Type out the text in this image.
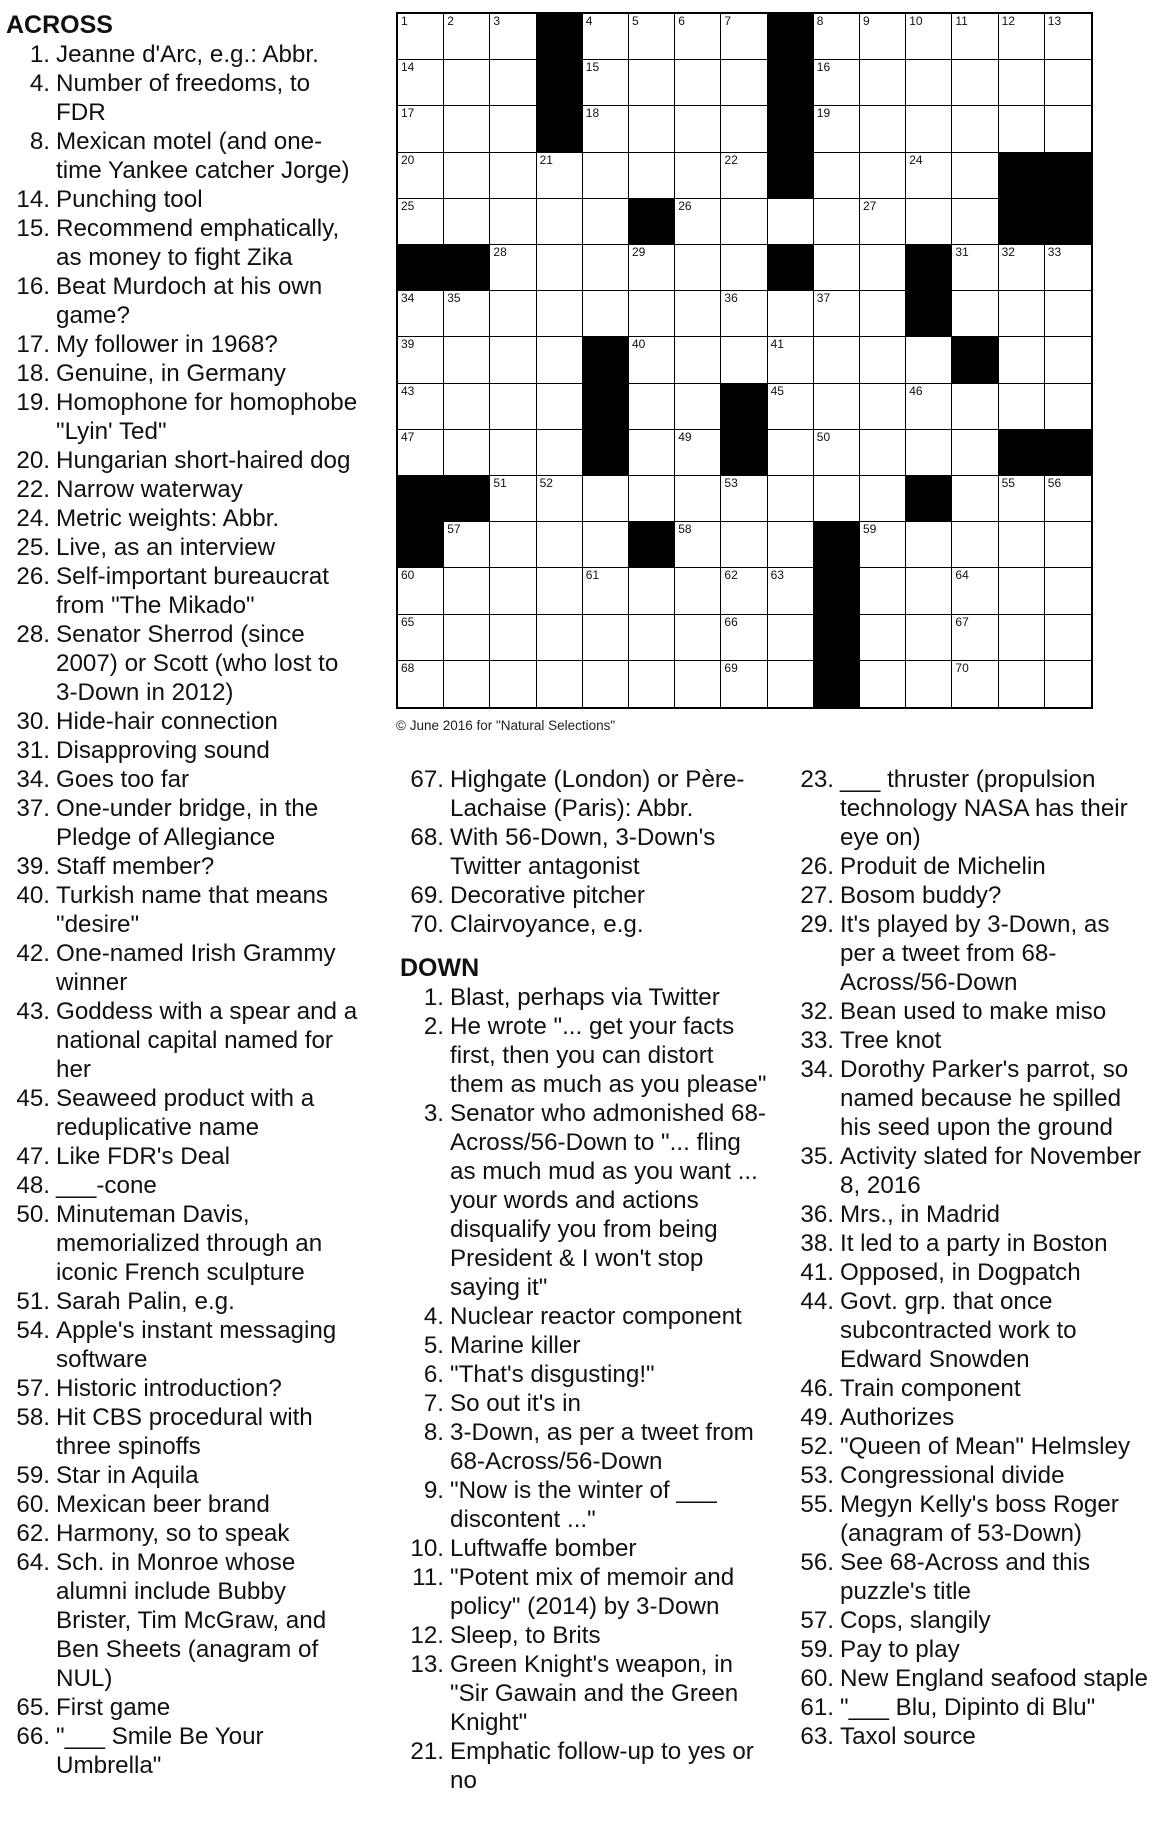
ACROSS

1. Jeanne d'Arc, e.g.: Abbr.

4. Number of freedoms, to FDR

8. Mexican motel (and one-time Yankee catcher Jorge)

14. Punching tool

15. Recommend emphatically, as money to fight Zika

16. Beat Murdoch at his own game?

17. My follower in 1968?

18. Genuine, in Germany

19. Homophone for homophobe "Lyin' Ted"

20. Hungarian short-haired dog

22. Narrow waterway

24. Metric weights: Abbr.

25. Live, as an interview

26. Self-important bureaucrat from "The Mikado"

28. Senator Sherrod (since 2007) or Scott (who lost to 3-Down in 2012)

30. Hide-hair connection

31. Disapproving sound

34. Goes too far

37. One-under bridge, in the Pledge of Allegiance

39. Staff member?

40. Turkish name that means "desire"

42. One-named Irish Grammy winner

43. Goddess with a spear and a national capital named for her

45. Seaweed product with a reduplicative name

47. Like FDR's Deal

48. ___-cone

50. Minuteman Davis, memorialized through an iconic French sculpture

51. Sarah Palin, e.g.

54. Apple's instant messaging software

57. Historic introduction?

58. Hit CBS procedural with three spinoffs

59. Star in Aquila

60. Mexican beer brand

62. Harmony, so to speak

64. Sch. in Monroe whose alumni include Bubby Brister, Tim McGraw, and Ben Sheets (anagram of NUL)

65. First game

66. "___ Smile Be Your Umbrella"

1	2	3	4	5	6	7	8	9	10	11	12	13
14	15	16
17	18	19
20	21	22	24
25	26	27
28	29	31	32	33
34	35	36	37
39	40	41
43	45	46
47	49	50
51	52	53	55	56
57	58	59
60	61	62	63	64
65	66	67
68	69	70
© June 2016 for "Natural Selections"

67. Highgate (London) or Père-Lachaise (Paris): Abbr.

68. With 56-Down, 3-Down's Twitter antagonist

69. Decorative pitcher

70. Clairvoyance, e.g.

DOWN

1. Blast, perhaps via Twitter

2. He wrote "... get your facts first, then you can distort them as much as you please"

3. Senator who admonished 68-Across/56-Down to "... fling as much mud as you want ... your words and actions disqualify you from being President & I won't stop saying it"

4. Nuclear reactor component

5. Marine killer

6. "That's disgusting!"

7. So out it's in

8. 3-Down, as per a tweet from 68-Across/56-Down

9. "Now is the winter of ___ discontent ..."

10. Luftwaffe bomber

11. "Potent mix of memoir and policy" (2014) by 3-Down

12. Sleep, to Brits

13. Green Knight's weapon, in "Sir Gawain and the Green Knight"

21. Emphatic follow-up to yes or no

23. ___ thruster (propulsion technology NASA has their eye on)

26. Produit de Michelin

27. Bosom buddy?

29. It's played by 3-Down, as per a tweet from 68-Across/56-Down

32. Bean used to make miso

33. Tree knot

34. Dorothy Parker's parrot, so named because he spilled his seed upon the ground

35. Activity slated for November 8, 2016

36. Mrs., in Madrid

38. It led to a party in Boston

41. Opposed, in Dogpatch

44. Govt. grp. that once subcontracted work to Edward Snowden

46. Train component

49. Authorizes

52. "Queen of Mean" Helmsley

53. Congressional divide

55. Megyn Kelly's boss Roger (anagram of 53-Down)

56. See 68-Across and this puzzle's title

57. Cops, slangily

59. Pay to play

60. New England seafood staple

61. "___ Blu, Dipinto di Blu"

63. Taxol source
